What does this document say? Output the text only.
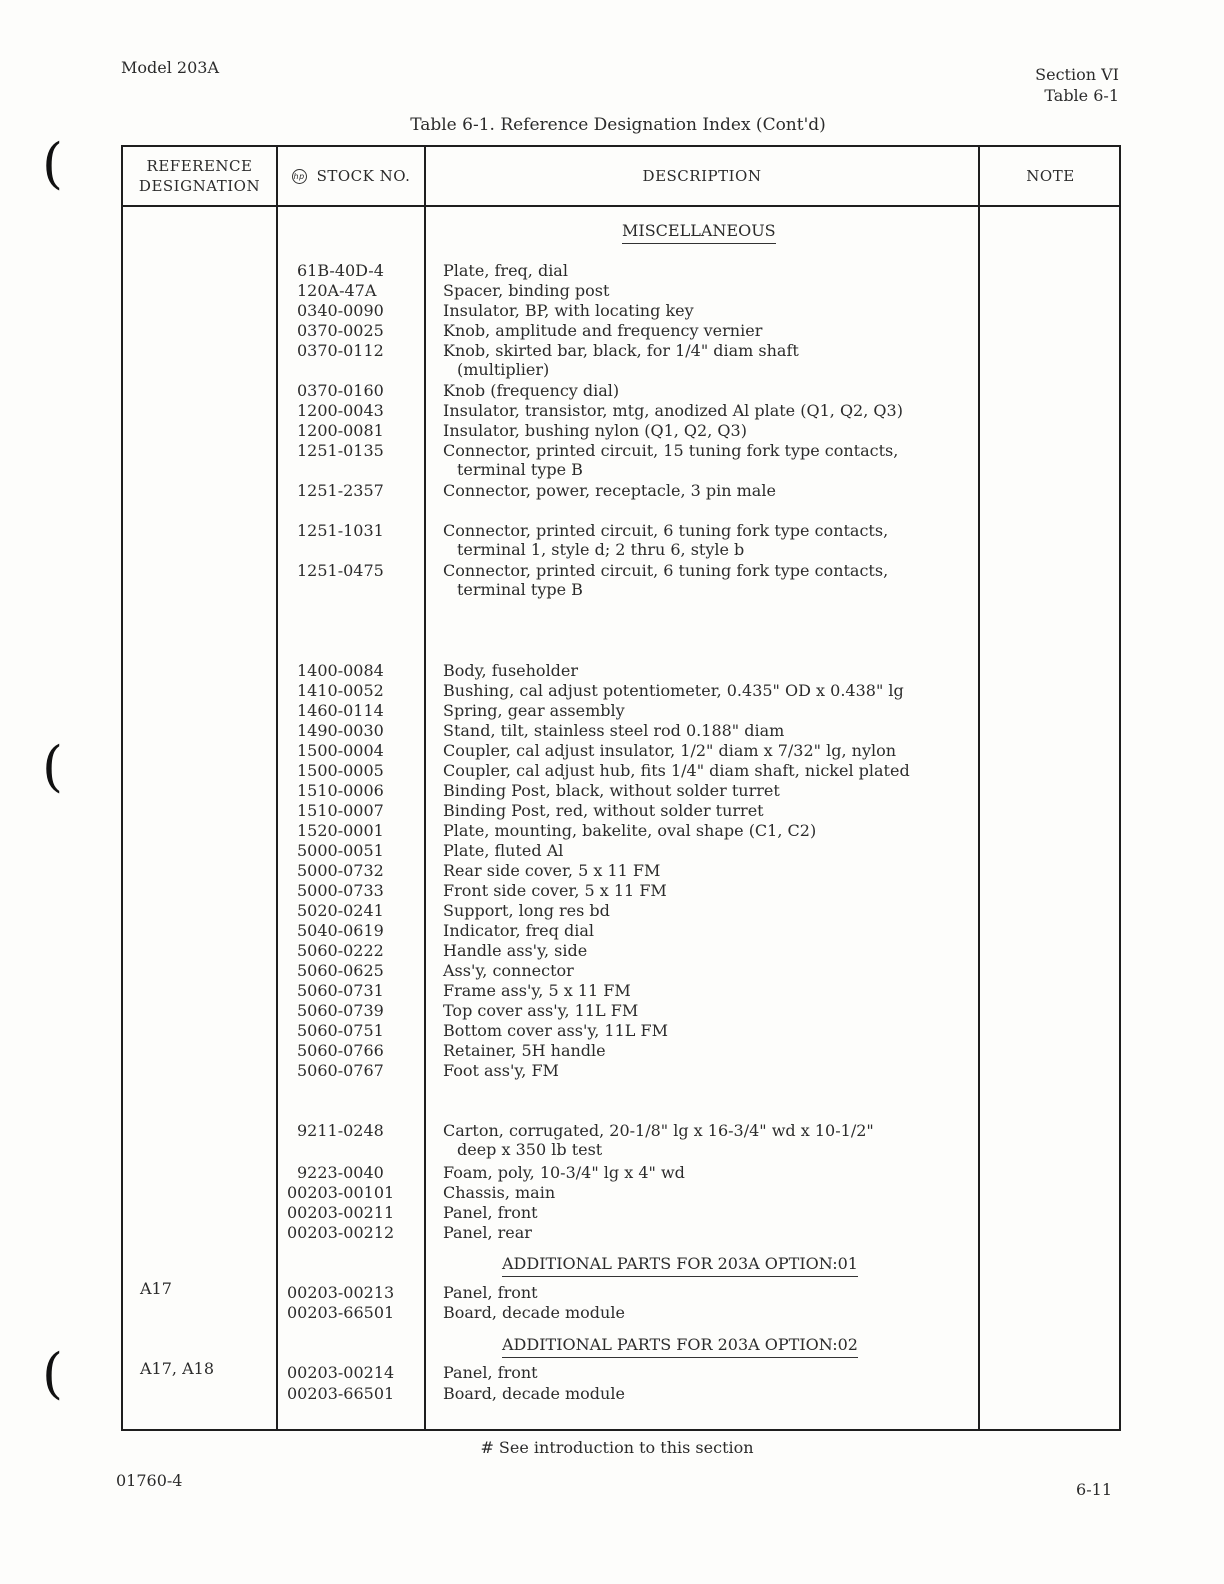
Model 203A	Section VI
Table 6-1
Table 6-1. Reference Designation Index (Cont'd)
(
(
(
REFERENCE
DESIGNATION
hp STOCK NO.	DESCRIPTION	NOTE
MISCELLANEOUS
61B-40D-4	Plate, freq, dial
120A-47A	Spacer, binding post
0340-0090	Insulator, BP, with locating key
0370-0025	Knob, amplitude and frequency vernier
0370-0112	Knob, skirted bar, black, for 1/4" diam shaft
(multiplier)
0370-0160	Knob (frequency dial)
1200-0043	Insulator, transistor, mtg, anodized Al plate (Q1, Q2, Q3)
1200-0081	Insulator, bushing nylon (Q1, Q2, Q3)
1251-0135	Connector, printed circuit, 15 tuning fork type contacts,
terminal type B
1251-2357	Connector, power, receptacle, 3 pin male
1251-1031	Connector, printed circuit, 6 tuning fork type contacts,
terminal 1, style d; 2 thru 6, style b
1251-0475	Connector, printed circuit, 6 tuning fork type contacts,
terminal type B
1400-0084	Body, fuseholder
1410-0052	Bushing, cal adjust potentiometer, 0.435" OD x 0.438" lg
1460-0114	Spring, gear assembly
1490-0030	Stand, tilt, stainless steel rod 0.188" diam
1500-0004	Coupler, cal adjust insulator, 1/2" diam x 7/32" lg, nylon
1500-0005	Coupler, cal adjust hub, fits 1/4" diam shaft, nickel plated
1510-0006	Binding Post, black, without solder turret
1510-0007	Binding Post, red, without solder turret
1520-0001	Plate, mounting, bakelite, oval shape (C1, C2)
5000-0051	Plate, fluted Al
5000-0732	Rear side cover, 5 x 11 FM
5000-0733	Front side cover, 5 x 11 FM
5020-0241	Support, long res bd
5040-0619	Indicator, freq dial
5060-0222	Handle ass'y, side
5060-0625	Ass'y, connector
5060-0731	Frame ass'y, 5 x 11 FM
5060-0739	Top cover ass'y, 11L FM
5060-0751	Bottom cover ass'y, 11L FM
5060-0766	Retainer, 5H handle
5060-0767	Foot ass'y, FM
9211-0248	Carton, corrugated, 20-1/8" lg x 16-3/4" wd x 10-1/2"
deep x 350 lb test
9223-0040	Foam, poly, 10-3/4" lg x 4" wd
00203-00101	Chassis, main
00203-00211	Panel, front
00203-00212	Panel, rear
ADDITIONAL PARTS FOR 203A OPTION:01
A17	00203-00213	Panel, front
00203-66501	Board, decade module
ADDITIONAL PARTS FOR 203A OPTION:02
A17, A18	00203-00214	Panel, front
00203-66501	Board, decade module
# See introduction to this section
01760-4	6-11
